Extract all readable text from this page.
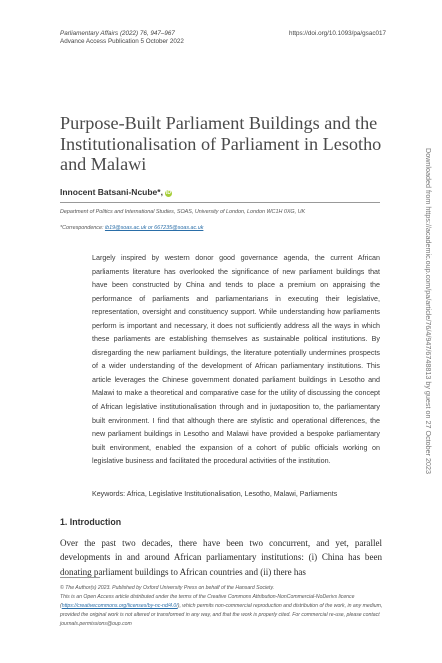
Parliamentary Affairs (2022) 76, 947–967
Advance Access Publication 5 October 2022
https://doi.org/10.1093/pa/gsac017
Purpose-Built Parliament Buildings and the Institutionalisation of Parliament in Lesotho and Malawi
Innocent Batsani-Ncube*, iD
Department of Politics and International Studies, SOAS, University of London, London WC1H 0XG, UK
*Correspondence: ib19@soas.ac.uk or 667235@soas.ac.uk

Largely inspired by western donor good governance agenda, the current African parliaments literature has overlooked the significance of new parliament buildings that have been constructed by China and tends to place a premium on appraising the performance of parliaments and parliamentarians in executing their legislative, representation, oversight and constituency support. While understanding how parliaments perform is important and necessary, it does not sufficiently address all the ways in which these parliaments are establishing themselves as sustainable political institutions. By disregarding the new parliament buildings, the literature potentially undermines prospects of a wider understanding of the development of African parliamentary institutions. This article leverages the Chinese government donated parliament buildings in Lesotho and Malawi to make a theoretical and comparative case for the utility of discussing the concept of African legislative institutionalisation through and in juxtaposition to, the parliamentary built environment. I find that although there are stylistic and operational differences, the new parliament buildings in Lesotho and Malawi have provided a bespoke parliamentary built environment, enabled the expansion of a cohort of public officials working on legislative business and facilitated the procedural activities of the institution.

Keywords: Africa, Legislative Institutionalisation, Lesotho, Malawi, Parliaments
1. Introduction

Over the past two decades, there have been two concurrent, and yet, parallel developments in and around African parliamentary institutions: (i) China has been donating parliament buildings to African countries and (ii) there has

© The Author(s) 2023. Published by Oxford University Press on behalf of the Hansard Society.
This is an Open Access article distributed under the terms of the Creative Commons Attribution-NonCommercial-NoDerivs licence (https://creativecommons.org/licenses/by-nc-nd/4.0/), which permits non-commercial reproduction and distribution of the work, in any medium, provided the original work is not altered or transformed in any way, and that the work is properly cited. For commercial re-use, please contact journals.permissions@oup.com

Downloaded from https://academic.oup.com/pa/article/76/4/947/6748813 by guest on 27 October 2023
